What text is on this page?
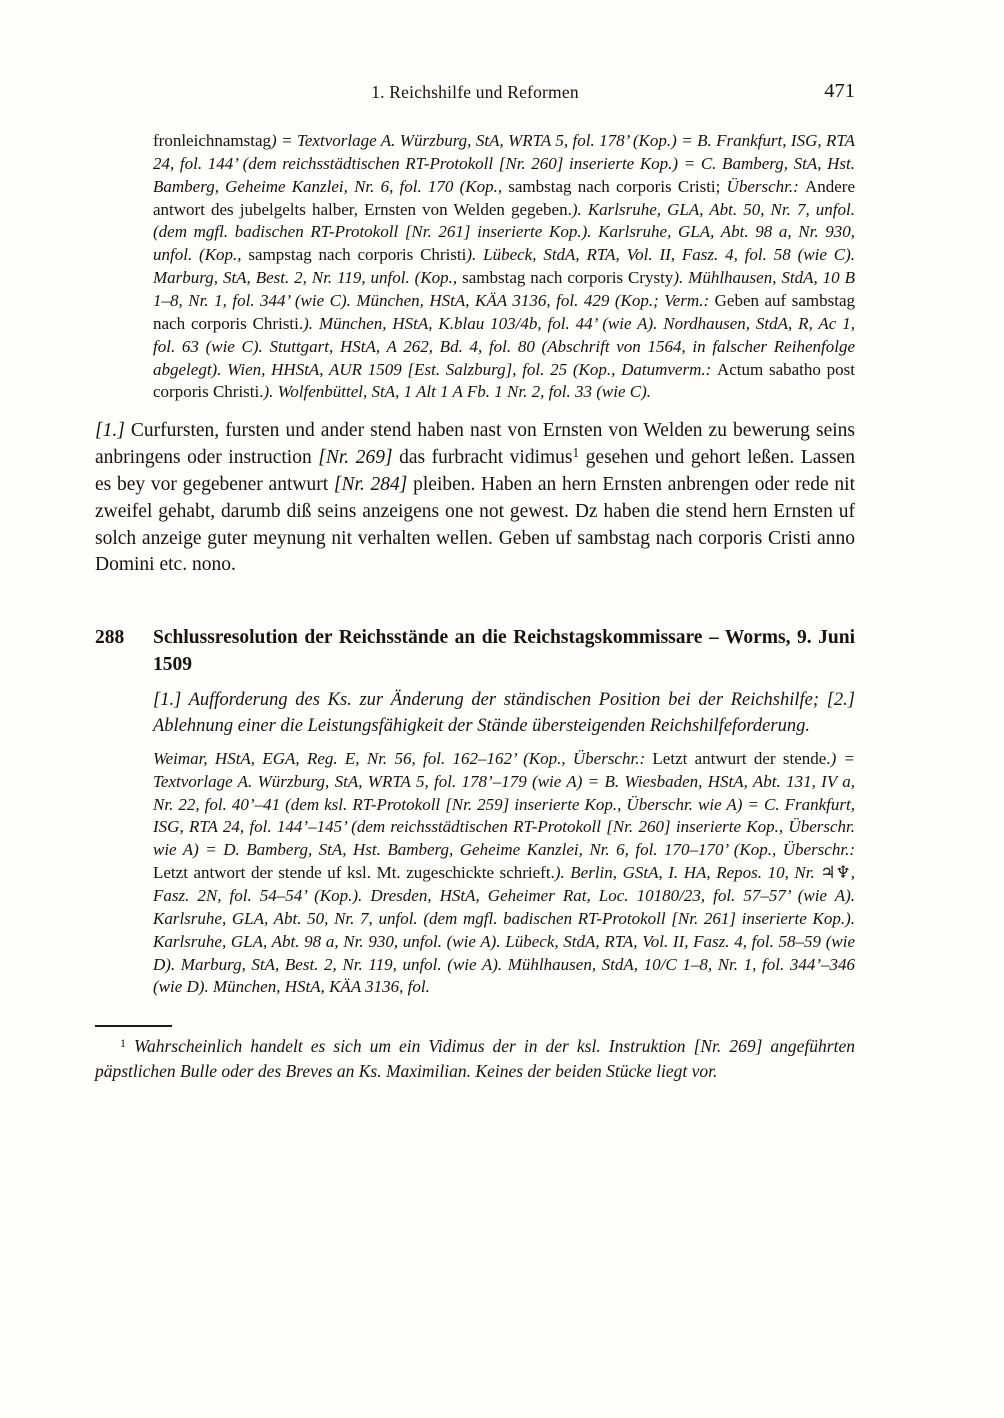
1. Reichshilfe und Reformen	471

fronleichnamstag) = Textvorlage A. Würzburg, StA, WRTA 5, fol. 178’ (Kop.) = B. Frankfurt, ISG, RTA 24, fol. 144’ (dem reichsstädtischen RT-Protokoll [Nr. 260] inserierte Kop.) = C. Bamberg, StA, Hst. Bamberg, Geheime Kanzlei, Nr. 6, fol. 170 (Kop., sambstag nach corporis Cristi; Überschr.: Andere antwort des jubelgelts halber, Ernsten von Welden gegeben.). Karlsruhe, GLA, Abt. 50, Nr. 7, unfol. (dem mgfl. badischen RT-Protokoll [Nr. 261] inserierte Kop.). Karlsruhe, GLA, Abt. 98 a, Nr. 930, unfol. (Kop., sampstag nach corporis Christi). Lübeck, StdA, RTA, Vol. II, Fasz. 4, fol. 58 (wie C). Marburg, StA, Best. 2, Nr. 119, unfol. (Kop., sambstag nach corporis Crysty). Mühlhausen, StdA, 10 B 1–8, Nr. 1, fol. 344’ (wie C). München, HStA, KÄA 3136, fol. 429 (Kop.; Verm.: Geben auf sambstag nach corporis Christi.). München, HStA, K.blau 103/4b, fol. 44’ (wie A). Nordhausen, StdA, R, Ac 1, fol. 63 (wie C). Stuttgart, HStA, A 262, Bd. 4, fol. 80 (Abschrift von 1564, in falscher Reihenfolge abgelegt). Wien, HHStA, AUR 1509 [Est. Salzburg], fol. 25 (Kop., Datumverm.: Actum sabatho post corporis Christi.). Wolfenbüttel, StA, 1 Alt 1 A Fb. 1 Nr. 2, fol. 33 (wie C).

[1.] Curfursten, fursten und ander stend haben nast von Ernsten von Welden zu bewerung seins anbringens oder instruction [Nr. 269] das furbracht vidimus$^1$ gesehen und gehort leßen. Lassen es bey vor gegebener antwurt [Nr. 284] pleiben. Haben an hern Ernsten anbrengen oder rede nit zweifel gehabt, darumb diß seins anzeigens one not gewest. Dz haben die stend hern Ernsten uf solch anzeige guter meynung nit verhalten wellen. Geben uf sambstag nach corporis Cristi anno Domini etc. nono.

288 Schlussresolution der Reichsstände an die Reichstagskommissare – Worms, 9. Juni 1509

[1.] Aufforderung des Ks. zur Änderung der ständischen Position bei der Reichshilfe; [2.] Ablehnung einer die Leistungsfähigkeit der Stände übersteigenden Reichshilfeforderung.

Weimar, HStA, EGA, Reg. E, Nr. 56, fol. 162–162’ (Kop., Überschr.: Letzt antwurt der stende.) = Textvorlage A. Würzburg, StA, WRTA 5, fol. 178’–179 (wie A) = B. Wiesbaden, HStA, Abt. 131, IV a, Nr. 22, fol. 40’–41 (dem ksl. RT-Protokoll [Nr. 259] inserierte Kop., Überschr. wie A) = C. Frankfurt, ISG, RTA 24, fol. 144’–145’ (dem reichsstädtischen RT-Protokoll [Nr. 260] inserierte Kop., Überschr. wie A) = D. Bamberg, StA, Hst. Bamberg, Geheime Kanzlei, Nr. 6, fol. 170–170’ (Kop., Überschr.: Letzt antwort der stende uf ksl. Mt. zugeschickte schrieft.). Berlin, GStA, I. HA, Repos. 10, Nr. ♃♆, Fasz. 2N, fol. 54–54’ (Kop.). Dresden, HStA, Geheimer Rat, Loc. 10180/23, fol. 57–57’ (wie A). Karlsruhe, GLA, Abt. 50, Nr. 7, unfol. (dem mgfl. badischen RT-Protokoll [Nr. 261] inserierte Kop.). Karlsruhe, GLA, Abt. 98 a, Nr. 930, unfol. (wie A). Lübeck, StdA, RTA, Vol. II, Fasz. 4, fol. 58–59 (wie D). Marburg, StA, Best. 2, Nr. 119, unfol. (wie A). Mühlhausen, StdA, 10/C 1–8, Nr. 1, fol. 344’–346 (wie D). München, HStA, KÄA 3136, fol.

$^1$ Wahrscheinlich handelt es sich um ein Vidimus der in der ksl. Instruktion [Nr. 269] angeführten päpstlichen Bulle oder des Breves an Ks. Maximilian. Keines der beiden Stücke liegt vor.
